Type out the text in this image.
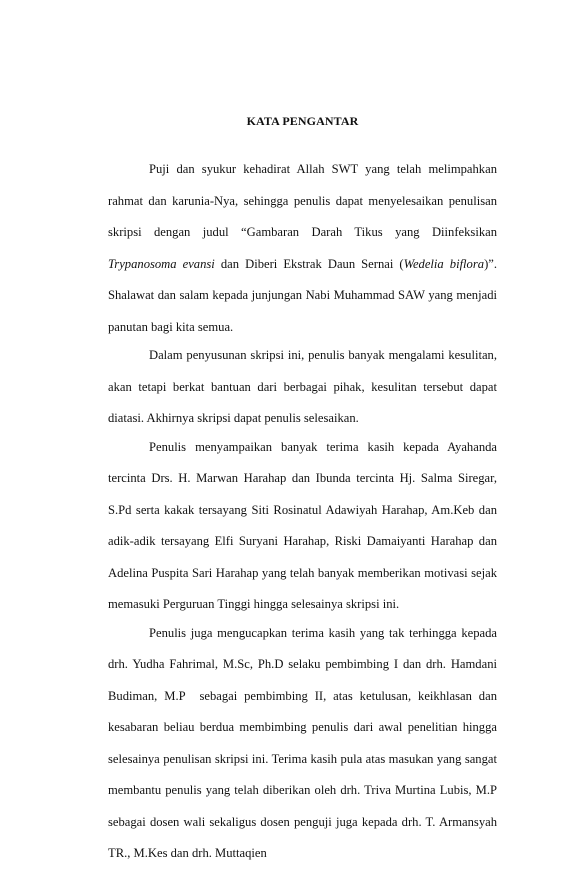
KATA PENGANTAR

Puji dan syukur kehadirat Allah SWT yang telah melimpahkan rahmat dan karunia-Nya, sehingga penulis dapat menyelesaikan penulisan skripsi dengan judul “Gambaran Darah Tikus yang Diinfeksikan Trypanosoma evansi dan Diberi Ekstrak Daun Sernai (Wedelia biflora)”. Shalawat dan salam kepada junjungan Nabi Muhammad SAW yang menjadi panutan bagi kita semua.

Dalam penyusunan skripsi ini, penulis banyak mengalami kesulitan, akan tetapi berkat bantuan dari berbagai pihak, kesulitan tersebut dapat diatasi. Akhirnya skripsi dapat penulis selesaikan.

Penulis menyampaikan banyak terima kasih kepada Ayahanda tercinta Drs. H. Marwan Harahap dan Ibunda tercinta Hj. Salma Siregar, S.Pd serta kakak tersayang Siti Rosinatul Adawiyah Harahap, Am.Keb dan adik-adik tersayang Elfi Suryani Harahap, Riski Damaiyanti Harahap dan Adelina Puspita Sari Harahap yang telah banyak memberikan motivasi sejak memasuki Perguruan Tinggi hingga selesainya skripsi ini.

Penulis juga mengucapkan terima kasih yang tak terhingga kepada drh. Yudha Fahrimal, M.Sc, Ph.D selaku pembimbing I dan drh. Hamdani Budiman, M.P  sebagai pembimbing II, atas ketulusan, keikhlasan dan kesabaran beliau berdua membimbing penulis dari awal penelitian hingga selesainya penulisan skripsi ini. Terima kasih pula atas masukan yang sangat membantu penulis yang telah diberikan oleh drh. Triva Murtina Lubis, M.P sebagai dosen wali sekaligus dosen penguji juga kepada drh. T. Armansyah TR., M.Kes dan drh. Muttaqien
